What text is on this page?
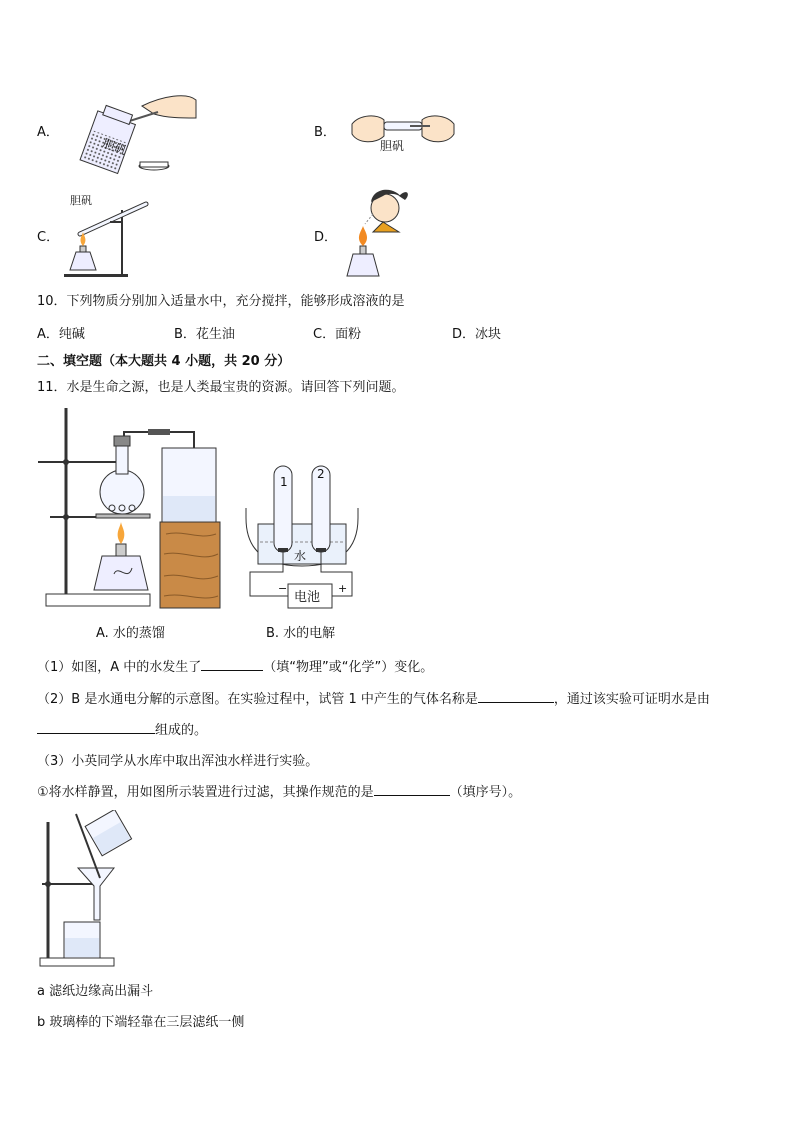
A．
胆矾
B．
胆矾
C．
胆矾
D．
10．下列物质分别加入适量水中，充分搅拌，能够形成溶液的是
A．纯碱	B．花生油	C．面粉	D．冰块
二、填空题（本大题共 4 小题，共 20 分）
11．水是生命之源，也是人类最宝贵的资源。请回答下列问题。
A. 水的蒸馏
1
2
水
电池
−	+
B. 水的电解
（1）如图，A 中的水发生了	（填“物理”或“化学”）变化。
（2）B 是水通电分解的示意图。在实验过程中，试管 1 中产生的气体名称是	，通过该实验可证明水是由
组成的。
（3）小英同学从水库中取出浑浊水样进行实验。
①将水样静置，用如图所示装置进行过滤，其操作规范的是	（填序号）。
a 滤纸边缘高出漏斗
b 玻璃棒的下端轻靠在三层滤纸一侧
